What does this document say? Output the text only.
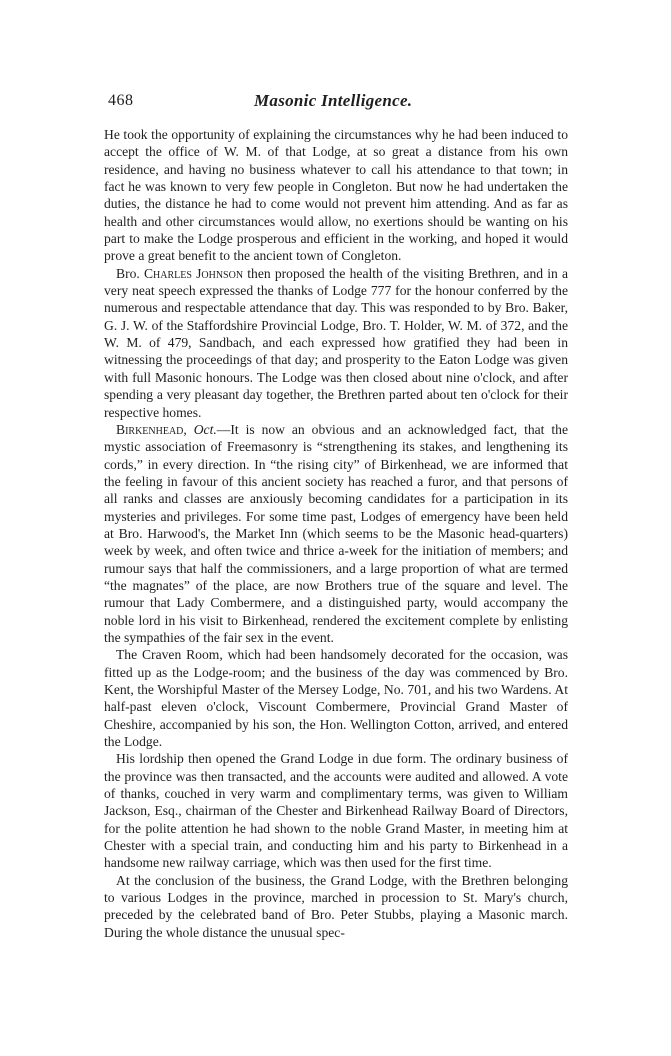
468	Masonic Intelligence.

He took the opportunity of explaining the circumstances why he had been induced to accept the office of W. M. of that Lodge, at so great a distance from his own residence, and having no business whatever to call his attendance to that town; in fact he was known to very few people in Congleton. But now he had undertaken the duties, the distance he had to come would not prevent him attending. And as far as health and other circumstances would allow, no exertions should be wanting on his part to make the Lodge prosperous and efficient in the working, and hoped it would prove a great benefit to the ancient town of Congleton.

Bro. Charles Johnson then proposed the health of the visiting Brethren, and in a very neat speech expressed the thanks of Lodge 777 for the honour conferred by the numerous and respectable attendance that day. This was responded to by Bro. Baker, G. J. W. of the Staffordshire Provincial Lodge, Bro. T. Holder, W. M. of 372, and the W. M. of 479, Sandbach, and each expressed how gratified they had been in witnessing the proceedings of that day; and prosperity to the Eaton Lodge was given with full Masonic honours. The Lodge was then closed about nine o'clock, and after spending a very pleasant day together, the Brethren parted about ten o'clock for their respective homes.

Birkenhead, Oct.—It is now an obvious and an acknowledged fact, that the mystic association of Freemasonry is “strengthening its stakes, and lengthening its cords,” in every direction. In “the rising city” of Birkenhead, we are informed that the feeling in favour of this ancient society has reached a furor, and that persons of all ranks and classes are anxiously becoming candidates for a participation in its mysteries and privileges. For some time past, Lodges of emergency have been held at Bro. Harwood's, the Market Inn (which seems to be the Masonic head-quarters) week by week, and often twice and thrice a-week for the initiation of members; and rumour says that half the commissioners, and a large proportion of what are termed “the magnates” of the place, are now Brothers true of the square and level. The rumour that Lady Combermere, and a distinguished party, would accompany the noble lord in his visit to Birkenhead, rendered the excitement complete by enlisting the sympathies of the fair sex in the event.

The Craven Room, which had been handsomely decorated for the occasion, was fitted up as the Lodge-room; and the business of the day was commenced by Bro. Kent, the Worshipful Master of the Mersey Lodge, No. 701, and his two Wardens. At half-past eleven o'clock, Viscount Combermere, Provincial Grand Master of Cheshire, accompanied by his son, the Hon. Wellington Cotton, arrived, and entered the Lodge.

His lordship then opened the Grand Lodge in due form. The ordinary business of the province was then transacted, and the accounts were audited and allowed. A vote of thanks, couched in very warm and complimentary terms, was given to William Jackson, Esq., chairman of the Chester and Birkenhead Railway Board of Directors, for the polite attention he had shown to the noble Grand Master, in meeting him at Chester with a special train, and conducting him and his party to Birkenhead in a handsome new railway carriage, which was then used for the first time.

At the conclusion of the business, the Grand Lodge, with the Brethren belonging to various Lodges in the province, marched in procession to St. Mary's church, preceded by the celebrated band of Bro. Peter Stubbs, playing a Masonic march. During the whole distance the unusual spec-
